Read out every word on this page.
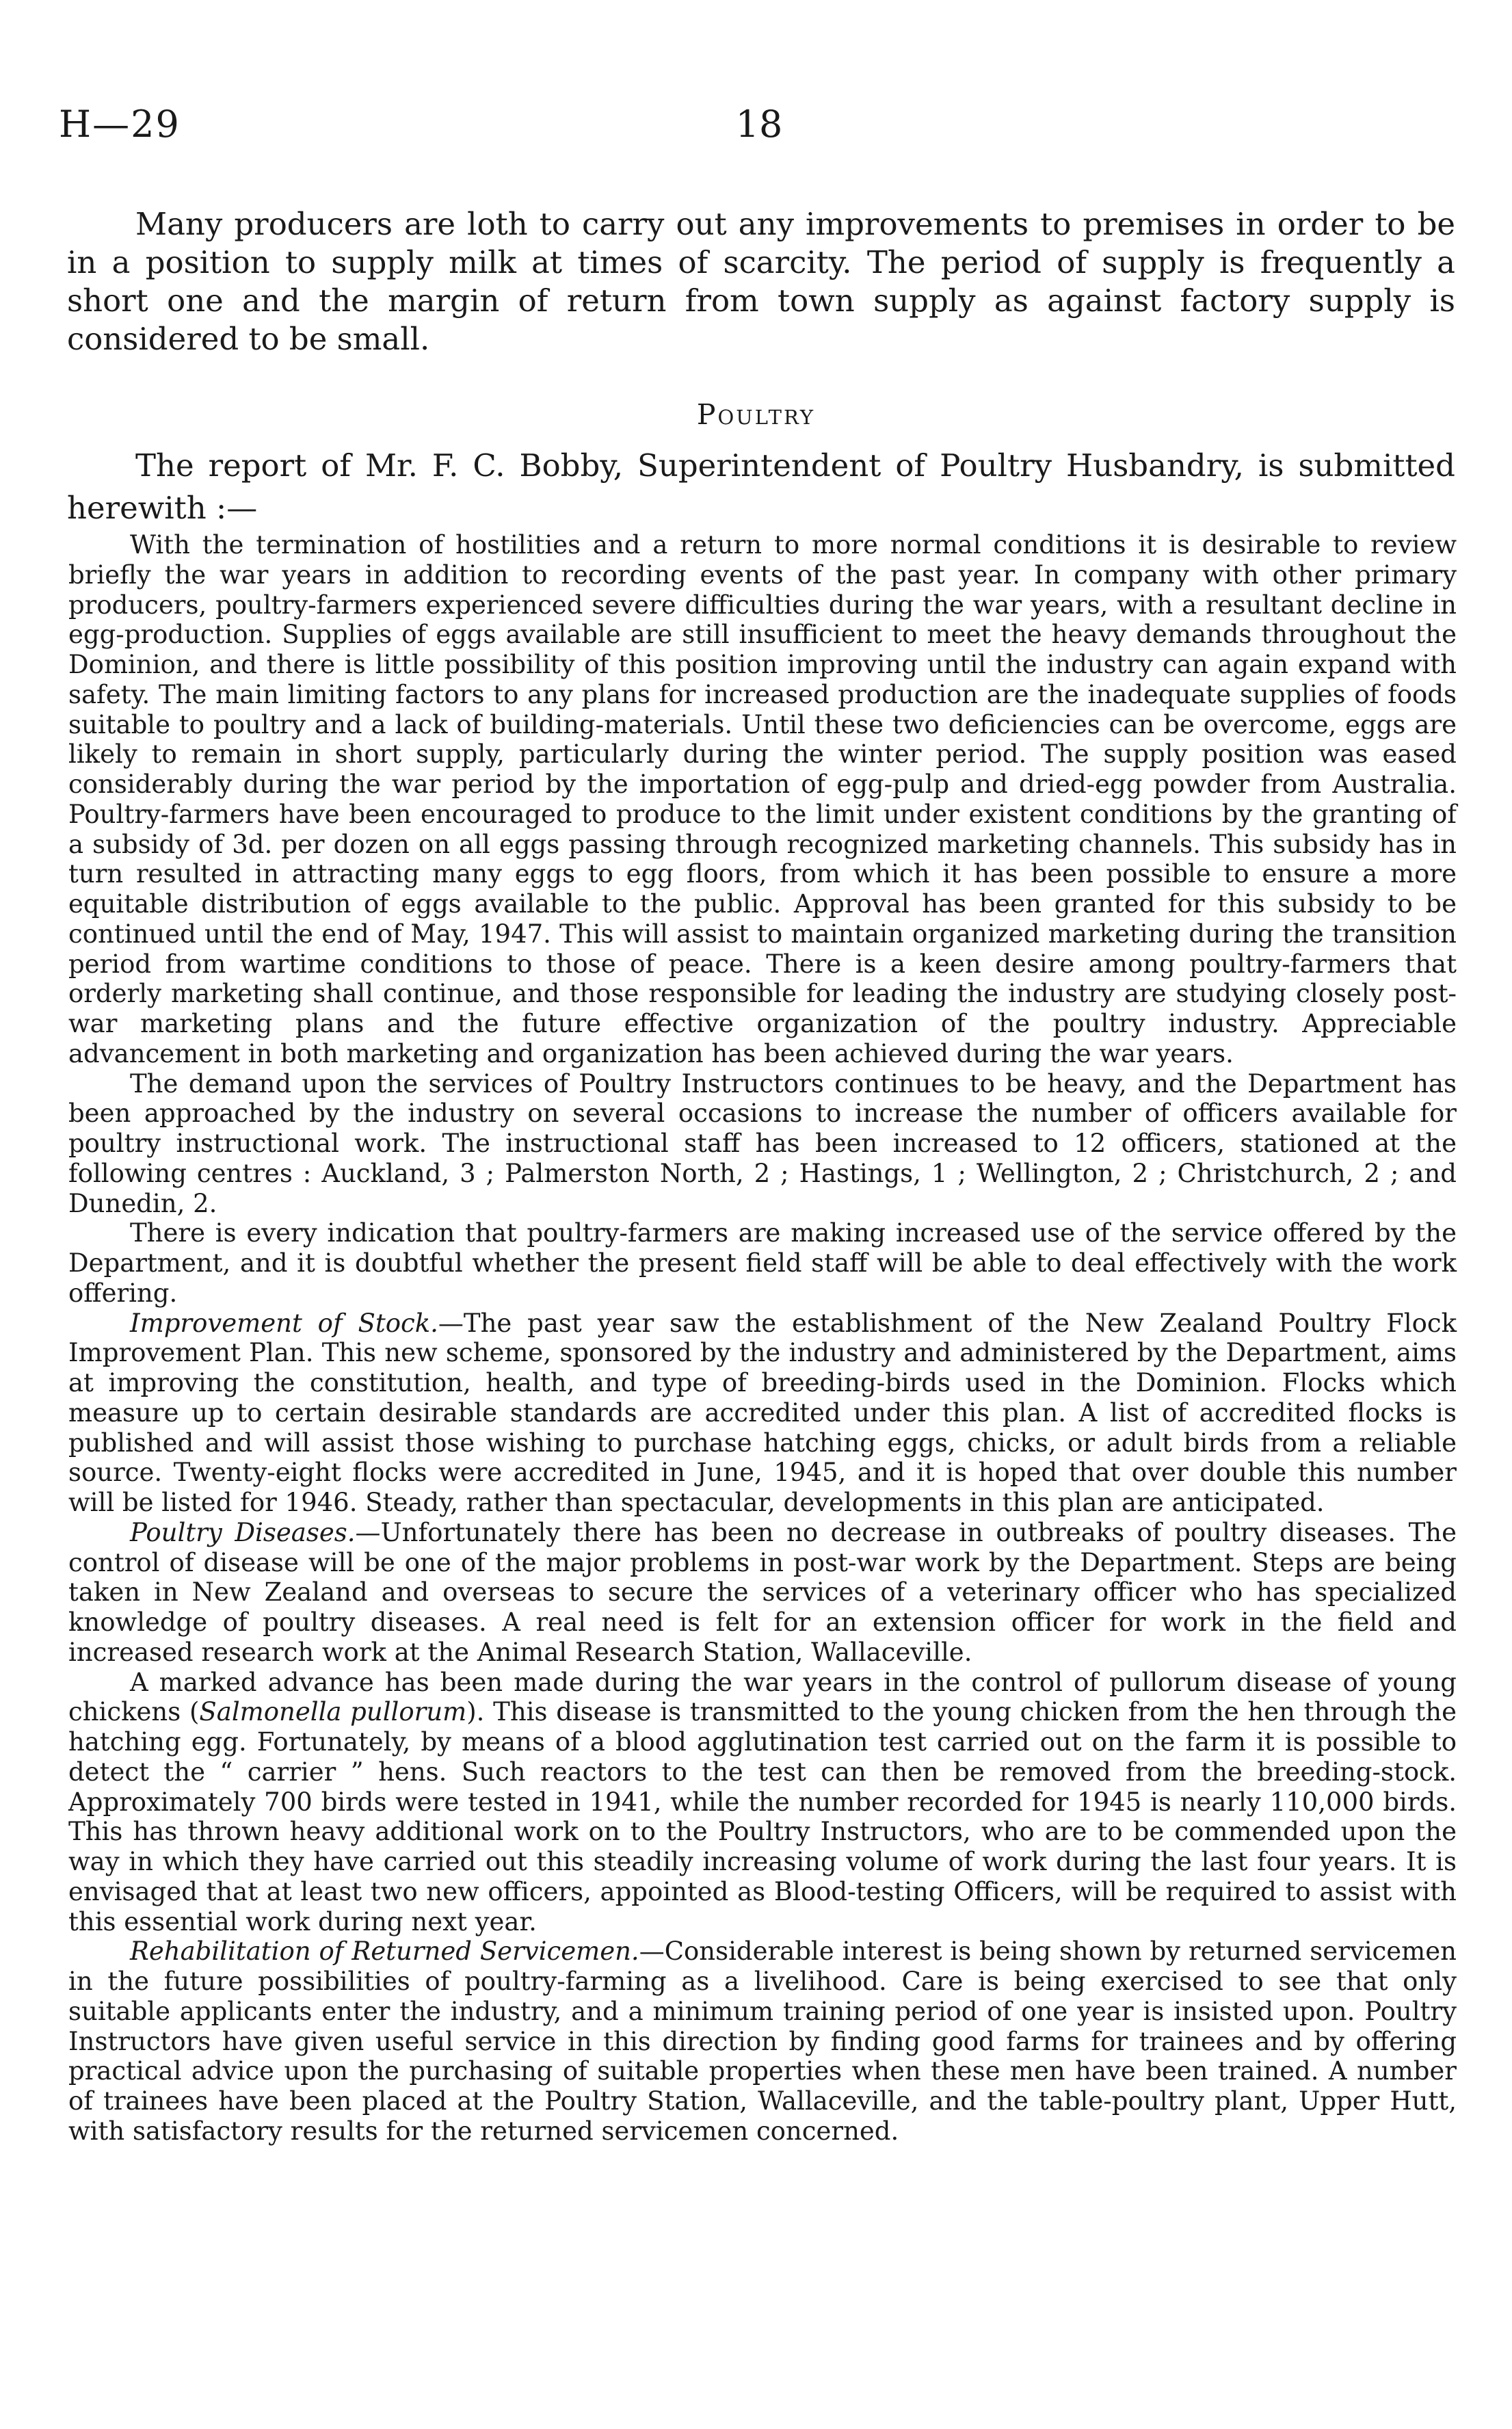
H—29	18

Many producers are loth to carry out any improvements to premises in order to be in a position to supply milk at times of scarcity. The period of supply is frequently a short one and the margin of return from town supply as against factory supply is considered to be small.

Poultry

The report of Mr. F. C. Bobby, Superintendent of Poultry Husbandry, is submitted herewith :—

With the termination of hostilities and a return to more normal conditions it is desirable to review briefly the war years in addition to recording events of the past year. In company with other primary producers, poultry-farmers experienced severe difficulties during the war years, with a resultant decline in egg-production. Supplies of eggs available are still insufficient to meet the heavy demands throughout the Dominion, and there is little possibility of this position improving until the industry can again expand with safety. The main limiting factors to any plans for increased production are the inadequate supplies of foods suitable to poultry and a lack of building-materials. Until these two deficiencies can be overcome, eggs are likely to remain in short supply, particularly during the winter period. The supply position was eased considerably during the war period by the importation of egg-pulp and dried-egg powder from Australia. Poultry-farmers have been encouraged to produce to the limit under existent conditions by the granting of a subsidy of 3d. per dozen on all eggs passing through recognized marketing channels. This subsidy has in turn resulted in attracting many eggs to egg floors, from which it has been possible to ensure a more equitable distribution of eggs available to the public. Approval has been granted for this subsidy to be continued until the end of May, 1947. This will assist to maintain organized marketing during the transition period from wartime conditions to those of peace. There is a keen desire among poultry-farmers that orderly marketing shall continue, and those responsible for leading the industry are studying closely post-war marketing plans and the future effective organization of the poultry industry. Appreciable advancement in both marketing and organization has been achieved during the war years.

The demand upon the services of Poultry Instructors continues to be heavy, and the Department has been approached by the industry on several occasions to increase the number of officers available for poultry instructional work. The instructional staff has been increased to 12 officers, stationed at the following centres : Auckland, 3 ; Palmerston North, 2 ; Hastings, 1 ; Wellington, 2 ; Christchurch, 2 ; and Dunedin, 2.

There is every indication that poultry-farmers are making increased use of the service offered by the Department, and it is doubtful whether the present field staff will be able to deal effectively with the work offering.

Improvement of Stock.—The past year saw the establishment of the New Zealand Poultry Flock Improvement Plan. This new scheme, sponsored by the industry and administered by the Department, aims at improving the constitution, health, and type of breeding-birds used in the Dominion. Flocks which measure up to certain desirable standards are accredited under this plan. A list of accredited flocks is published and will assist those wishing to purchase hatching eggs, chicks, or adult birds from a reliable source. Twenty-eight flocks were accredited in June, 1945, and it is hoped that over double this number will be listed for 1946. Steady, rather than spectacular, developments in this plan are anticipated.

Poultry Diseases.—Unfortunately there has been no decrease in outbreaks of poultry diseases. The control of disease will be one of the major problems in post-war work by the Department. Steps are being taken in New Zealand and overseas to secure the services of a veterinary officer who has specialized knowledge of poultry diseases. A real need is felt for an extension officer for work in the field and increased research work at the Animal Research Station, Wallaceville.

A marked advance has been made during the war years in the control of pullorum disease of young chickens (Salmonella pullorum). This disease is transmitted to the young chicken from the hen through the hatching egg. Fortunately, by means of a blood agglutination test carried out on the farm it is possible to detect the “ carrier ” hens. Such reactors to the test can then be removed from the breeding-stock. Approximately 700 birds were tested in 1941, while the number recorded for 1945 is nearly 110,000 birds. This has thrown heavy additional work on to the Poultry Instructors, who are to be commended upon the way in which they have carried out this steadily increasing volume of work during the last four years. It is envisaged that at least two new officers, appointed as Blood-testing Officers, will be required to assist with this essential work during next year.

Rehabilitation of Returned Servicemen.—Considerable interest is being shown by returned servicemen in the future possibilities of poultry-farming as a livelihood. Care is being exercised to see that only suitable applicants enter the industry, and a minimum training period of one year is insisted upon. Poultry Instructors have given useful service in this direction by finding good farms for trainees and by offering practical advice upon the purchasing of suitable properties when these men have been trained. A number of trainees have been placed at the Poultry Station, Wallaceville, and the table-poultry plant, Upper Hutt, with satisfactory results for the returned servicemen concerned.
